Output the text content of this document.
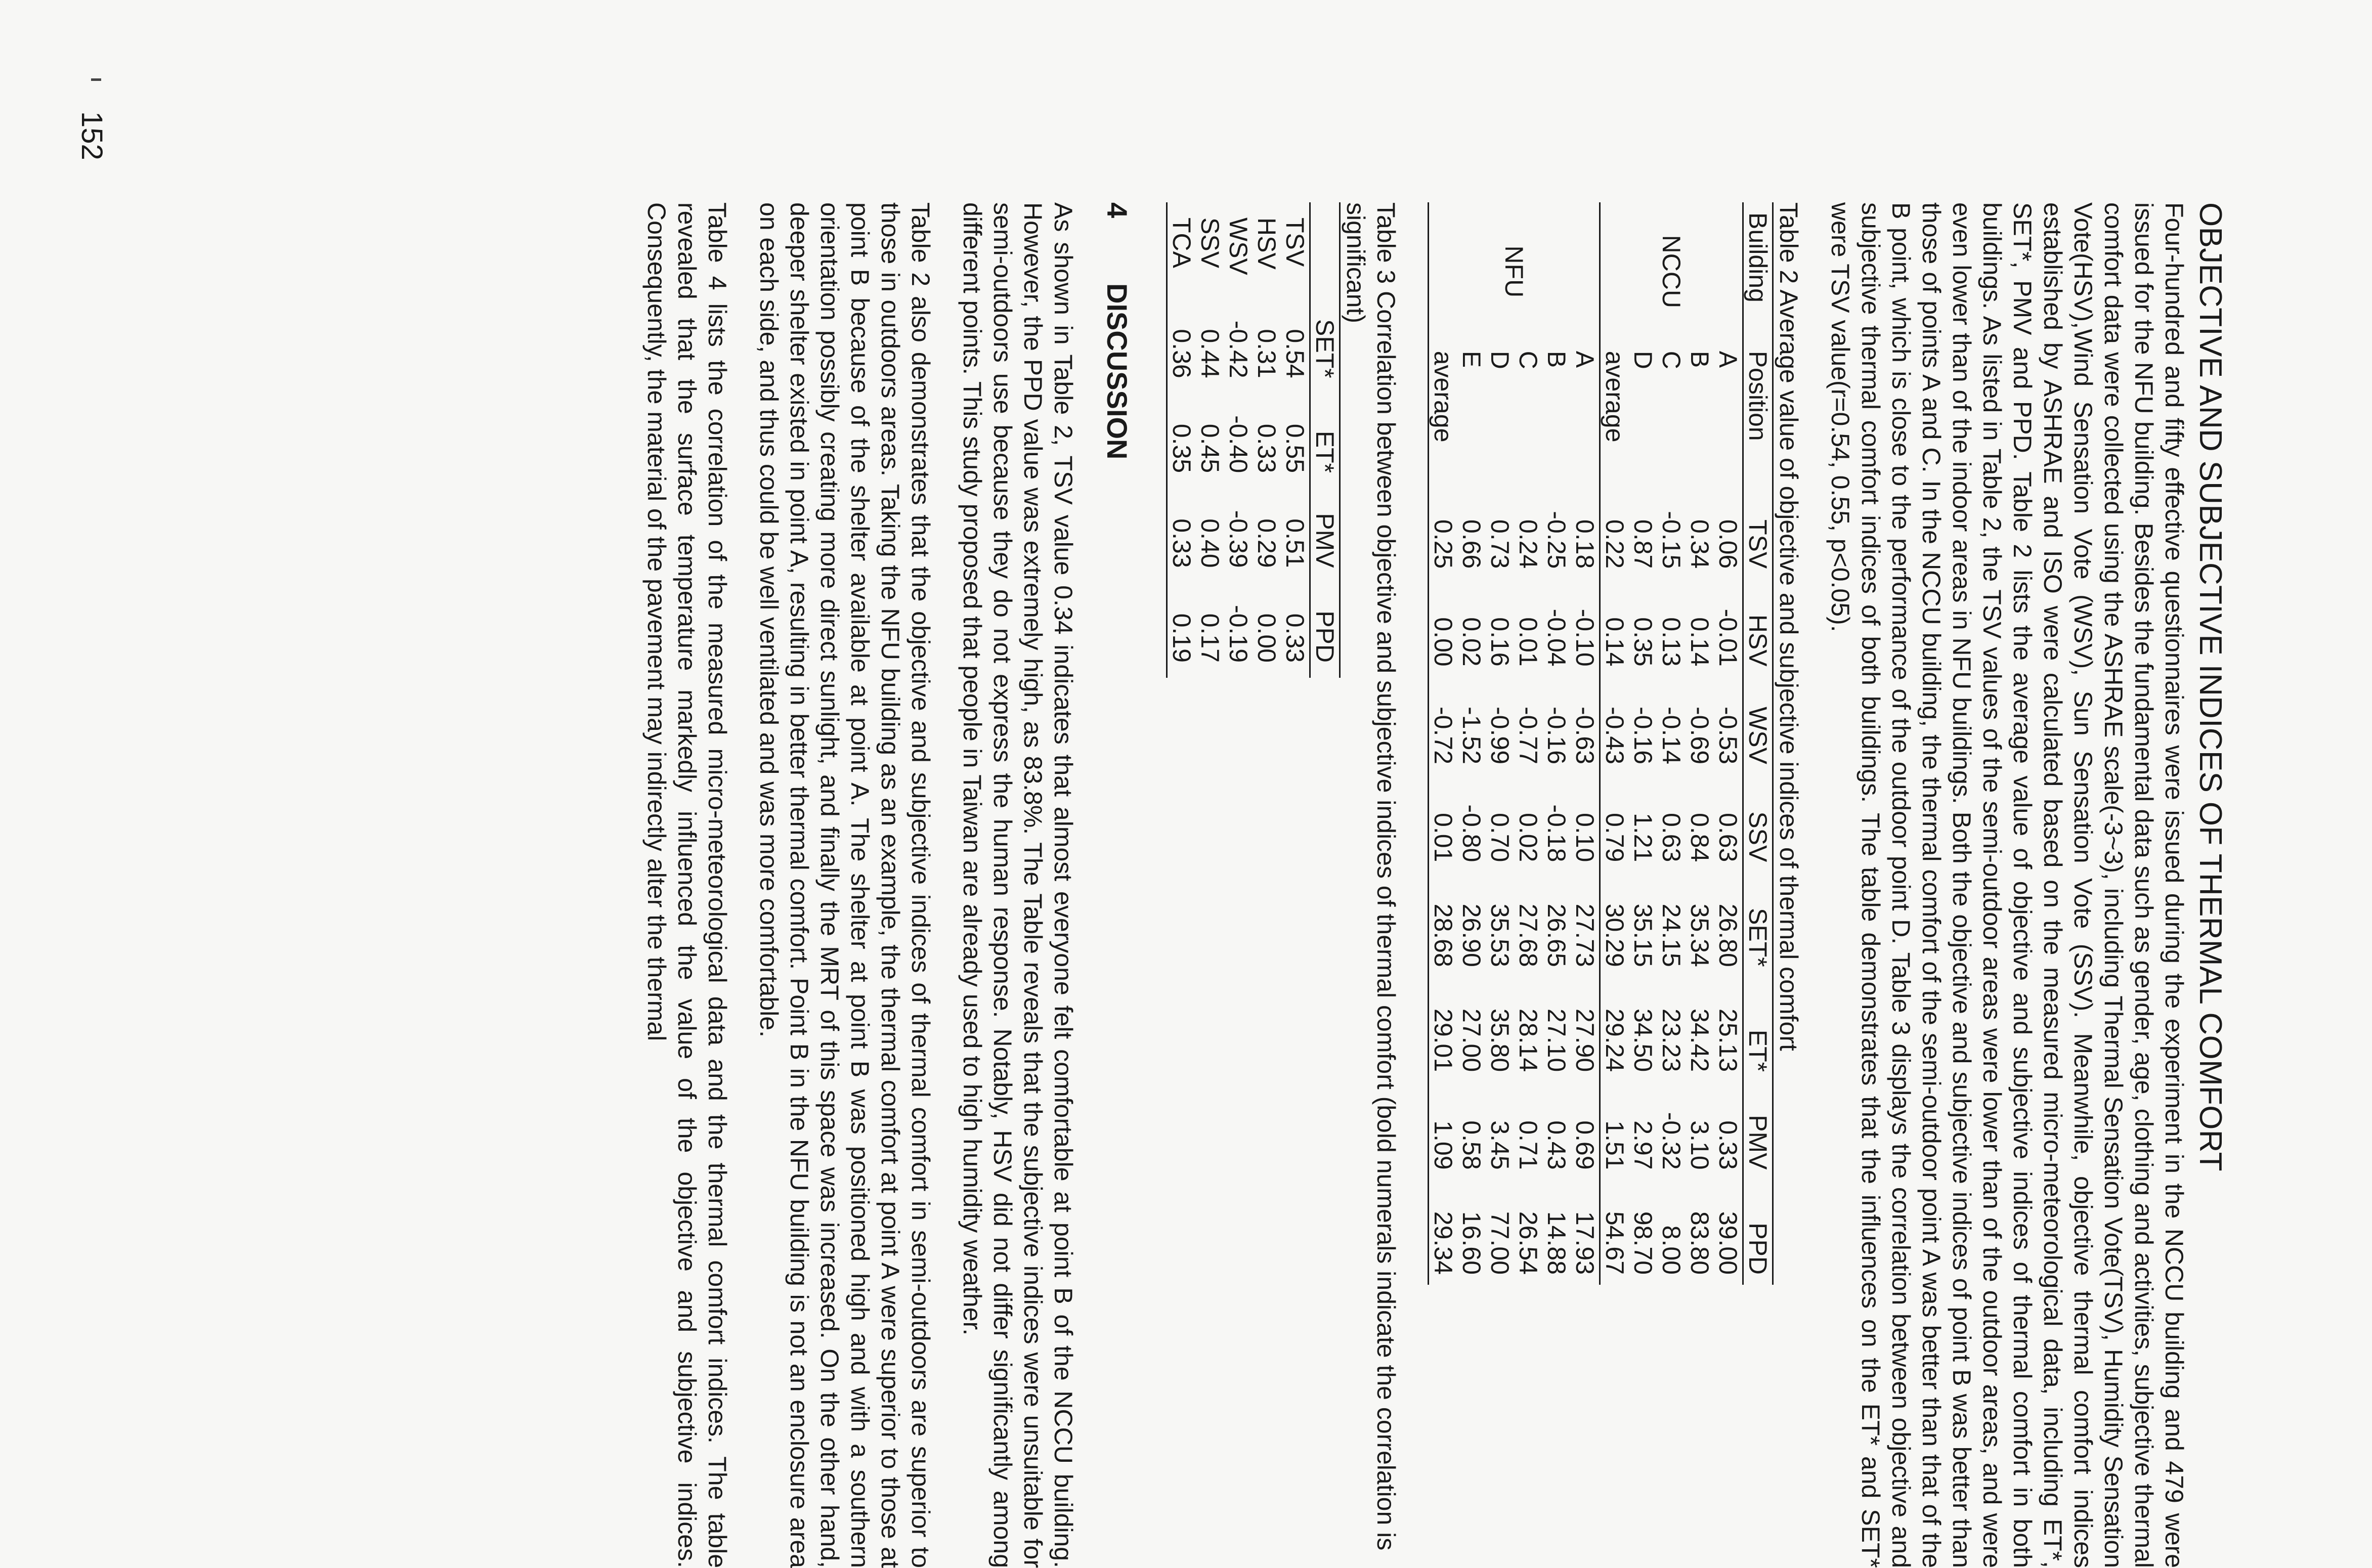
OBJECTIVE AND SUBJECTIVE INDICES OF THERMAL COMFORT

Four-hundred and fifty effective questionnaires were issued during the experiment in the NCCU building and 479 were issued for the NFU building. Besides the fundamental data such as gender, age, clothing and activities, subjective thermal comfort data were collected using the ASHRAE scale(-3~3), including Thermal Sensation Vote(TSV), Humidity Sensation Vote(HSV),Wind Sensation Vote (WSV), Sun Sensation Vote (SSV). Meanwhile, objective thermal comfort indices established by ASHRAE and ISO were calculated based on the measured micro-meteorological data, including ET*, SET*, PMV and PPD. Table 2 lists the average value of objective and subjective indices of thermal comfort in both buildings. As listed in Table 2, the TSV values of the semi-outdoor areas were lower than of the outdoor areas, and were even lower than of the indoor areas in NFU buildings. Both the objective and subjective indices of point B was better than those of points A and C. In the NCCU building, the thermal comfort of the semi-outdoor point A was better than that of the B point, which is close to the performance of the outdoor point D. Table 3 displays the correlation between objective and subjective thermal comfort indices of both buildings. The table demonstrates that the influences on the ET* and SET* were TSV value(r=0.54, 0.55, p<0.05).

Table 2 Average value of objective and subjective indices of thermal comfort
Building	Position	TSV	HSV	WSV	SSV	SET*	ET*	PMV	PPD
NCCU	A	0.06	-0.01	-0.53	0.63	26.80	25.13	0.33	39.00
	B	0.34	0.14	-0.69	0.84	35.34	34.42	3.10	83.80
	C	-0.15	0.13	-0.14	0.63	24.15	23.23	-0.32	8.00
	D	0.87	0.35	-0.16	1.21	35.15	34.50	2.97	98.70
	average	0.22	0.14	-0.43	0.79	30.29	29.24	1.51	54.67
NFU	A	0.18	-0.10	-0.63	0.10	27.73	27.90	0.69	17.93
	B	-0.25	-0.04	-0.16	-0.18	26.65	27.10	0.43	14.88
	C	0.24	0.01	-0.77	0.02	27.68	28.14	0.71	26.54
	D	0.73	0.16	-0.99	0.70	35.53	35.80	3.45	77.00
	E	0.66	0.02	-1.52	-0.80	26.90	27.00	0.58	16.60
	average	0.25	0.00	-0.72	0.01	28.68	29.01	1.09	29.34
Table 3 Correlation between objective and subjective indices of thermal comfort (bold numerals indicate the correlation is significant)
	SET*	ET*	PMV	PPD
TSV	0.54	0.55	0.51	0.33
HSV	0.31	0.33	0.29	0.00
WSV	-0.42	-0.40	-0.39	-0.19
SSV	0.44	0.45	0.40	0.17
TCA	0.36	0.35	0.33	0.19
4
DISCUSSION

As shown in Table 2, TSV value 0.34 indicates that almost everyone felt comfortable at point B of the NCCU building. However, the PPD value was extremely high, as 83.8%. The Table reveals that the subjective indices were unsuitable for semi-outdoors use because they do not express the human response. Notably, HSV did not differ significantly among different points. This study proposed that people in Taiwan are already used to high humidity weather.

Table 2 also demonstrates that the objective and subjective indices of thermal comfort in semi-outdoors are superior to those in outdoors areas. Taking the NFU building as an example, the thermal comfort at point A were superior to those at point B because of the shelter available at point A. The shelter at point B was positioned high and with a southern orientation possibly creating more direct sunlight, and finally the MRT of this space was increased. On the other hand, deeper shelter existed in point A, resulting in better thermal comfort. Point B in the NFU building is not an enclosure area on each side, and thus could be well ventilated and was more comfortable.

Table 4 lists the correlation of the measured micro-meteorological data and the thermal comfort indices. The table revealed that the surface temperature markedly influenced the value of the objective and subjective indices. Consequently, the material of the pavement may indirectly alter the thermal

152
